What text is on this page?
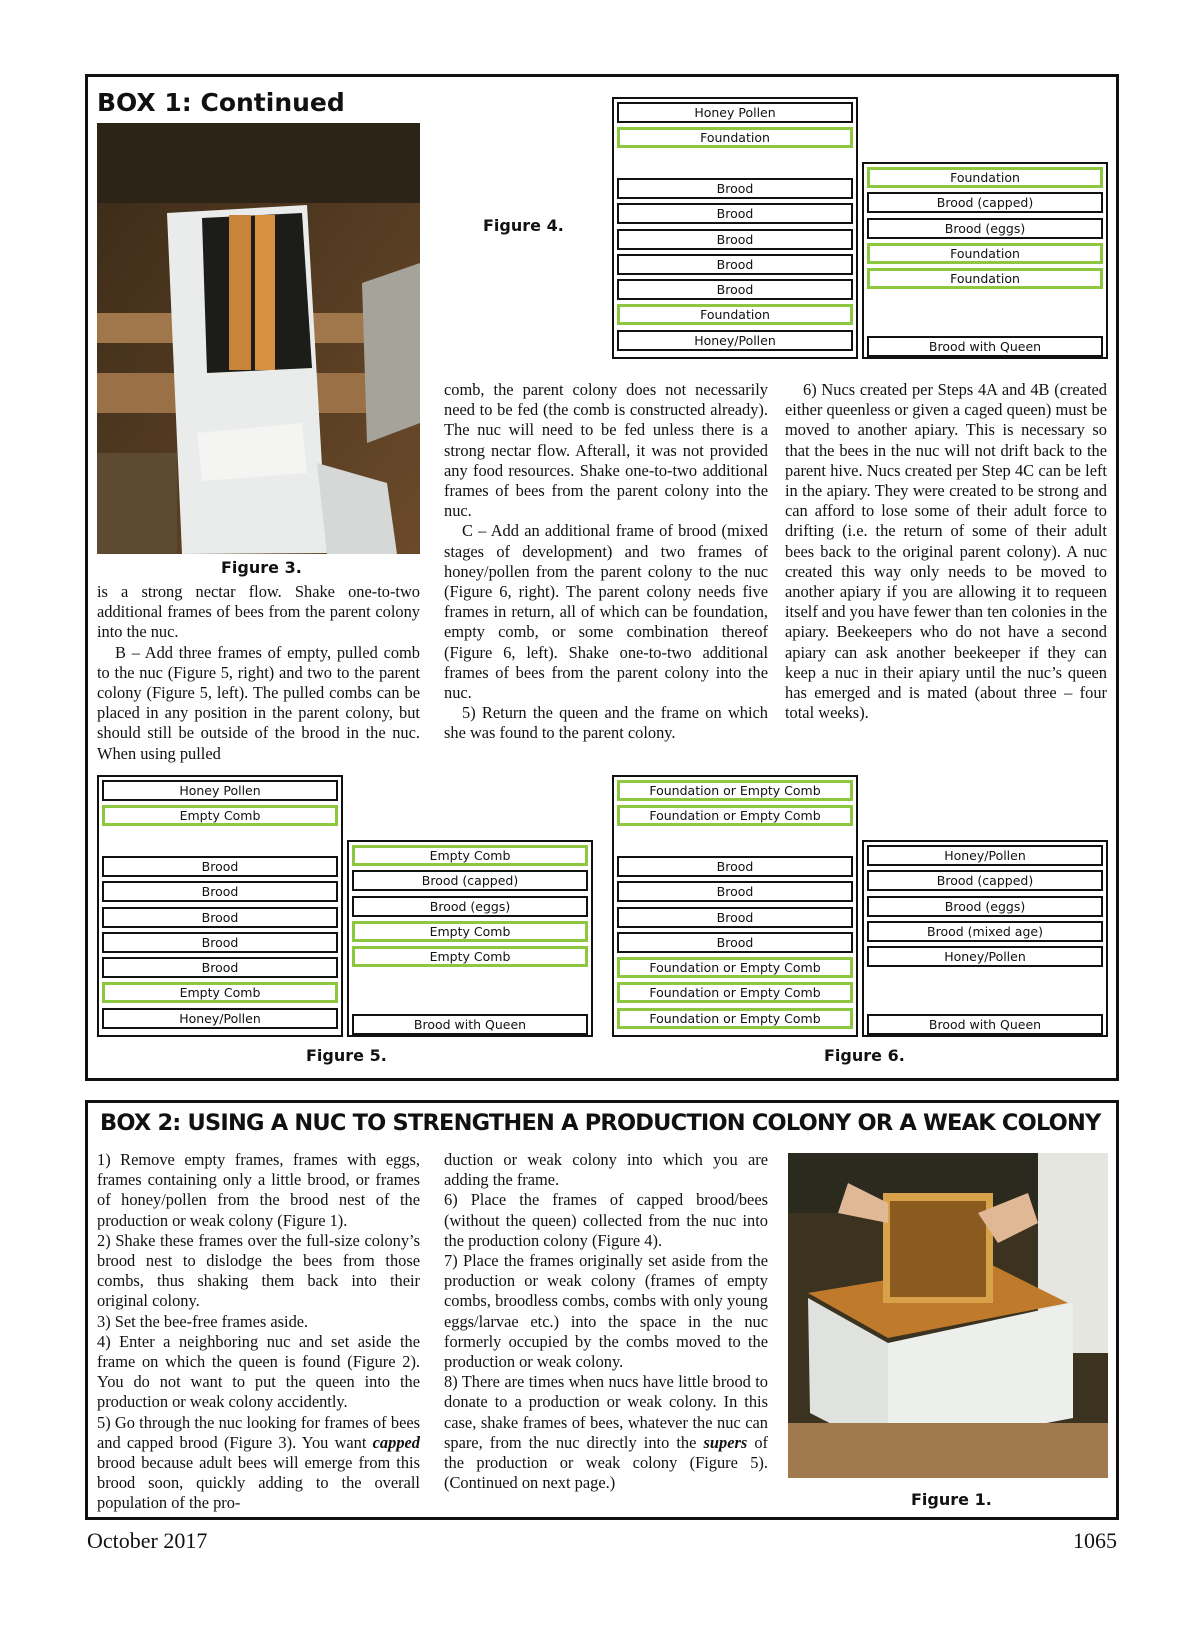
BOX 1: Continued
Figure 3.
Figure 4.
Honey Pollen
Foundation
Brood
Brood
Brood
Brood
Brood
Foundation
Honey/Pollen	Brood with Queen
Foundation
Brood (capped)
Brood (eggs)
Foundation
Foundation

is a strong nectar flow. Shake one-to-two additional frames of bees from the parent colony into the nuc.

B – Add three frames of empty, pulled comb to the nuc (Figure 5, right) and two to the parent colony (Figure 5, left). The pulled combs can be placed in any position in the parent colony, but should still be outside of the brood in the nuc. When using pulled

comb, the parent colony does not necessarily need to be fed (the comb is constructed already). The nuc will need to be fed unless there is a strong nectar flow. Afterall, it was not provided any food resources. Shake one-to-two additional frames of bees from the parent colony into the nuc.

C – Add an additional frame of brood (mixed stages of development) and two frames of honey/pollen from the parent colony to the nuc (Figure 6, right). The parent colony needs five frames in return, all of which can be foundation, empty comb, or some combination thereof (Figure 6, left). Shake one-to-two additional frames of bees from the parent colony into the nuc.

5) Return the queen and the frame on which she was found to the parent colony.

6) Nucs created per Steps 4A and 4B (created either queenless or given a caged queen) must be moved to another apiary. This is necessary so that the bees in the nuc will not drift back to the parent hive. Nucs created per Step 4C can be left in the apiary. They were created to be strong and can afford to lose some of their adult force to drifting (i.e. the return of some of their adult bees back to the original parent colony). A nuc created this way only needs to be moved to another apiary if you are allowing it to requeen itself and you have fewer than ten colonies in the apiary. Beekeepers who do not have a second apiary can ask another beekeeper if they can keep a nuc in their apiary until the nuc’s queen has emerged and is mated (about three – four total weeks).

Honey Pollen
Empty Comb
Brood
Brood
Brood
Brood
Brood
Empty Comb
Honey/Pollen	Brood with Queen
Empty Comb
Brood (capped)
Brood (eggs)
Empty Comb
Empty Comb
Figure 5.
Foundation or Empty Comb
Foundation or Empty Comb
Brood
Brood
Brood
Brood
Foundation or Empty Comb
Foundation or Empty Comb
Foundation or Empty Comb	Brood with Queen
Honey/Pollen
Brood (capped)
Brood (eggs)
Brood (mixed age)
Honey/Pollen
Figure 6.
BOX 2: USING A NUC TO STRENGTHEN A PRODUCTION COLONY OR A WEAK COLONY

1) Remove empty frames, frames with eggs, frames containing only a little brood, or frames of honey/pollen from the brood nest of the production or weak colony (Figure 1).

2) Shake these frames over the full-size colony’s brood nest to dislodge the bees from those combs, thus shaking them back into their original colony.

3) Set the bee-free frames aside.

4) Enter a neighboring nuc and set aside the frame on which the queen is found (Figure 2). You do not want to put the queen into the production or weak colony accidently.

5) Go through the nuc looking for frames of bees and capped brood (Figure 3). You want capped brood because adult bees will emerge from this brood soon, quickly adding to the overall population of the pro-

duction or weak colony into which you are adding the frame.

6) Place the frames of capped brood/bees (without the queen) collected from the nuc into the production colony (Figure 4).

7) Place the frames originally set aside from the production or weak colony (frames of empty combs, broodless combs, combs with only young eggs/larvae etc.) into the space in the nuc formerly occupied by the combs moved to the production or weak colony.

8) There are times when nucs have little brood to donate to a production or weak colony. In this case, shake frames of bees, whatever the nuc can spare, from the nuc directly into the supers of the production or weak colony (Figure 5). (Continued on next page.)

Figure 1.
October 2017	1065
